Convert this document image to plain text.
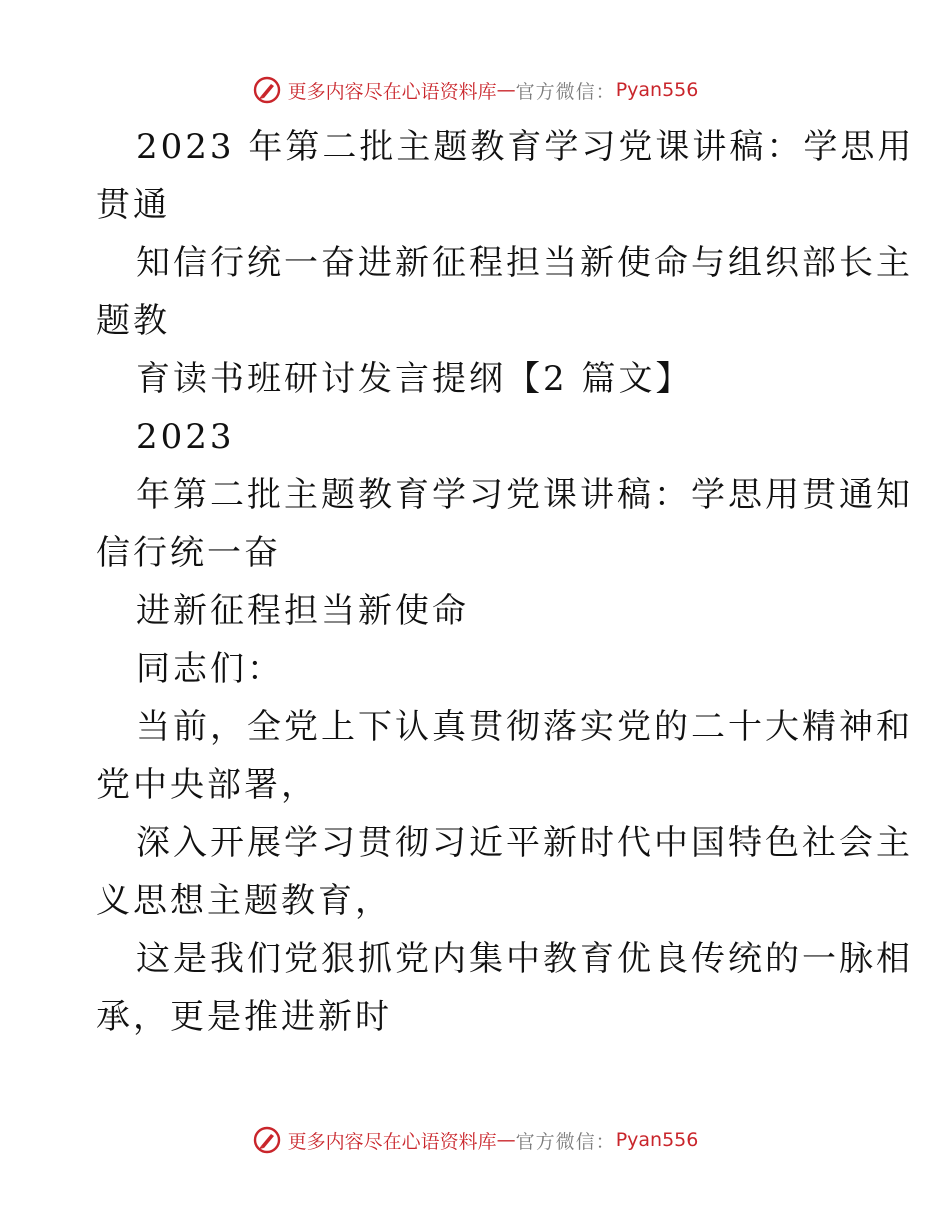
更多内容尽在心语资料库 — 官方微信： Pyan556
2023 年第二批主题教育学习党课讲稿：学思用
贯通
知信行统一奋进新征程担当新使命与组织部长主
题教
育读书班研讨发言提纲【2 篇文】
2023
年第二批主题教育学习党课讲稿：学思用贯通知
信行统一奋
进新征程担当新使命
同志们：
当前，全党上下认真贯彻落实党的二十大精神和
党中央部署，
深入开展学习贯彻习近平新时代中国特色社会主
义思想主题教育，
这是我们党狠抓党内集中教育优良传统的一脉相
承，更是推进新时
更多内容尽在心语资料库 — 官方微信： Pyan556
